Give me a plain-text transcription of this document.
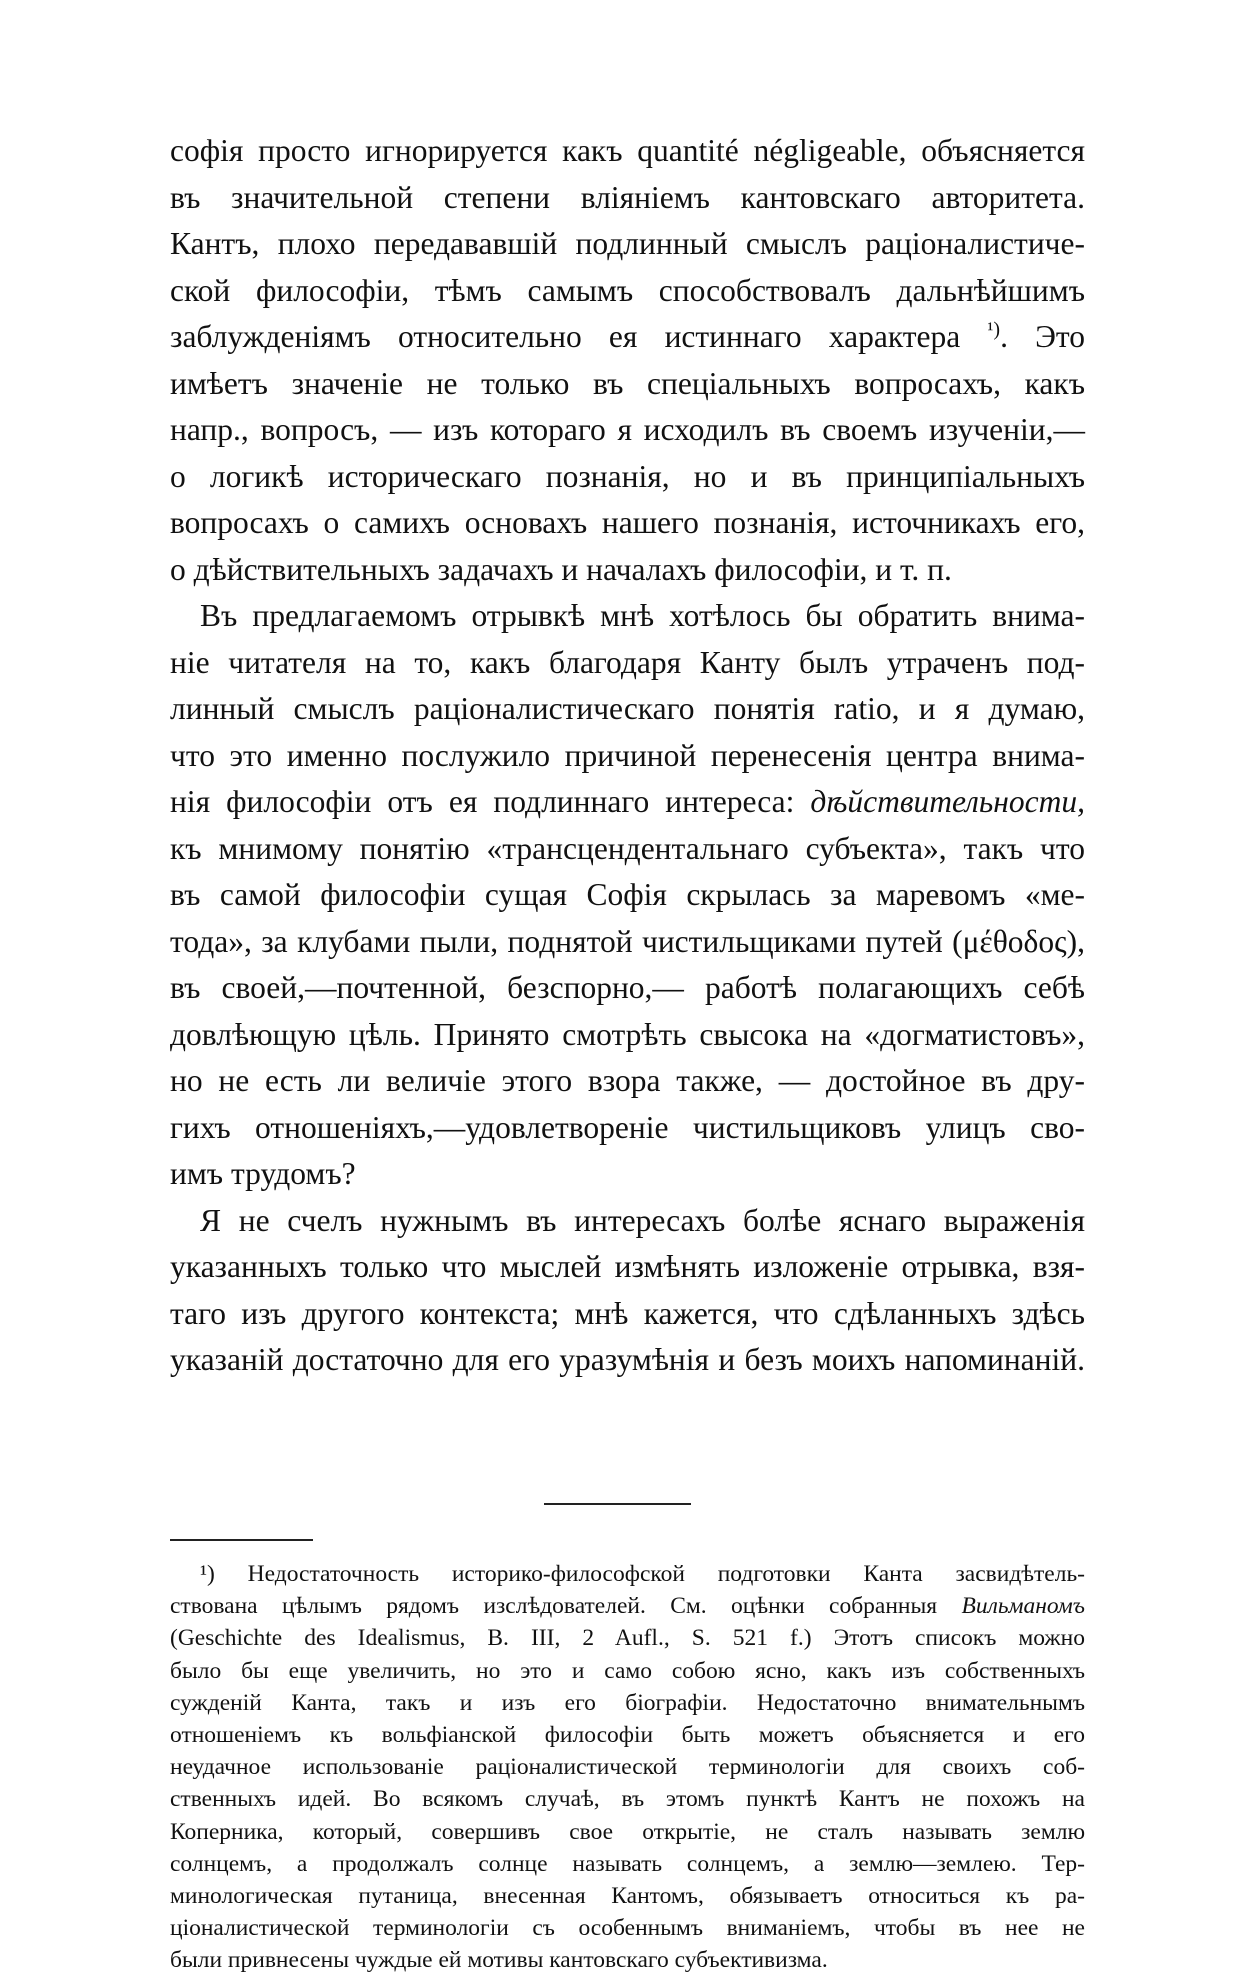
софія просто игнорируется какъ quantité négligeable, объясняется
въ значительной степени вліяніемъ кантовскаго авторитета.
Кантъ, плохо передававшій подлинный смыслъ раціоналистиче-
ской философіи, тѣмъ самымъ способствовалъ дальнѣйшимъ
заблужденіямъ относительно ея истиннаго характера $^{^1)}$. Это
имѣетъ значеніе не только въ спеціальныхъ вопросахъ, какъ
напр., вопросъ, — изъ котораго я исходилъ въ своемъ изученіи,—
о логикѣ историческаго познанія, но и въ принципіальныхъ
вопросахъ о самихъ основахъ нашего познанія, источникахъ его,
о дѣйствительныхъ задачахъ и началахъ философіи, и т. п.
Въ предлагаемомъ отрывкѣ мнѣ хотѣлось бы обратить внима-
ніе читателя на то, какъ благодаря Канту былъ утраченъ под-
линный смыслъ раціоналистическаго понятія ratio, и я думаю,
что это именно послужило причиной перенесенія центра внима-
нія философіи отъ ея подлиннаго интереса: дѣйствительности,
къ мнимому понятію «трансцендентальнаго субъекта», такъ что
въ самой философіи сущая Софія скрылась за маревомъ «ме-
тода», за клубами пыли, поднятой чистильщиками путей (μέθοδος),
въ своей,—почтенной, безспорно,— работѣ полагающихъ себѣ
довлѣющую цѣль. Принято смотрѣть свысока на «догматистовъ»,
но не есть ли величіе этого взора также, — достойное въ дру-
гихъ отношеніяхъ,—удовлетвореніе чистильщиковъ улицъ сво-
имъ трудомъ?
Я не счелъ нужнымъ въ интересахъ болѣе яснаго выраженія
указанныхъ только что мыслей измѣнять изложеніе отрывка, взя-
таго изъ другого контекста; мнѣ кажется, что сдѣланныхъ здѣсь
указаній достаточно для его уразумѣнія и безъ моихъ напоминаній.
¹) Недостаточность историко-философской подготовки Канта засвидѣтель-
ствована цѣлымъ рядомъ изслѣдователей. См. оцѣнки собранныя Вильманомъ
(Geschichte des Idealismus, B. III, 2 Aufl., S. 521 f.) Этотъ списокъ можно
было бы еще увеличить, но это и само собою ясно, какъ изъ собственныхъ
сужденій Канта, такъ и изъ его біографіи. Недостаточно внимательнымъ
отношеніемъ къ вольфіанской философіи быть можетъ объясняется и его
неудачное использованіе раціоналистической терминологіи для своихъ соб-
ственныхъ идей. Во всякомъ случаѣ, въ этомъ пунктѣ Кантъ не похожъ на
Коперника, который, совершивъ свое открытіе, не сталъ называть землю
солнцемъ, а продолжалъ солнце называть солнцемъ, а землю—землею. Тер-
минологическая путаница, внесенная Кантомъ, обязываетъ относиться къ ра-
ціоналистической терминологіи съ особеннымъ вниманіемъ, чтобы въ нее не
были привнесены чуждые ей мотивы кантовскаго субъективизма.
